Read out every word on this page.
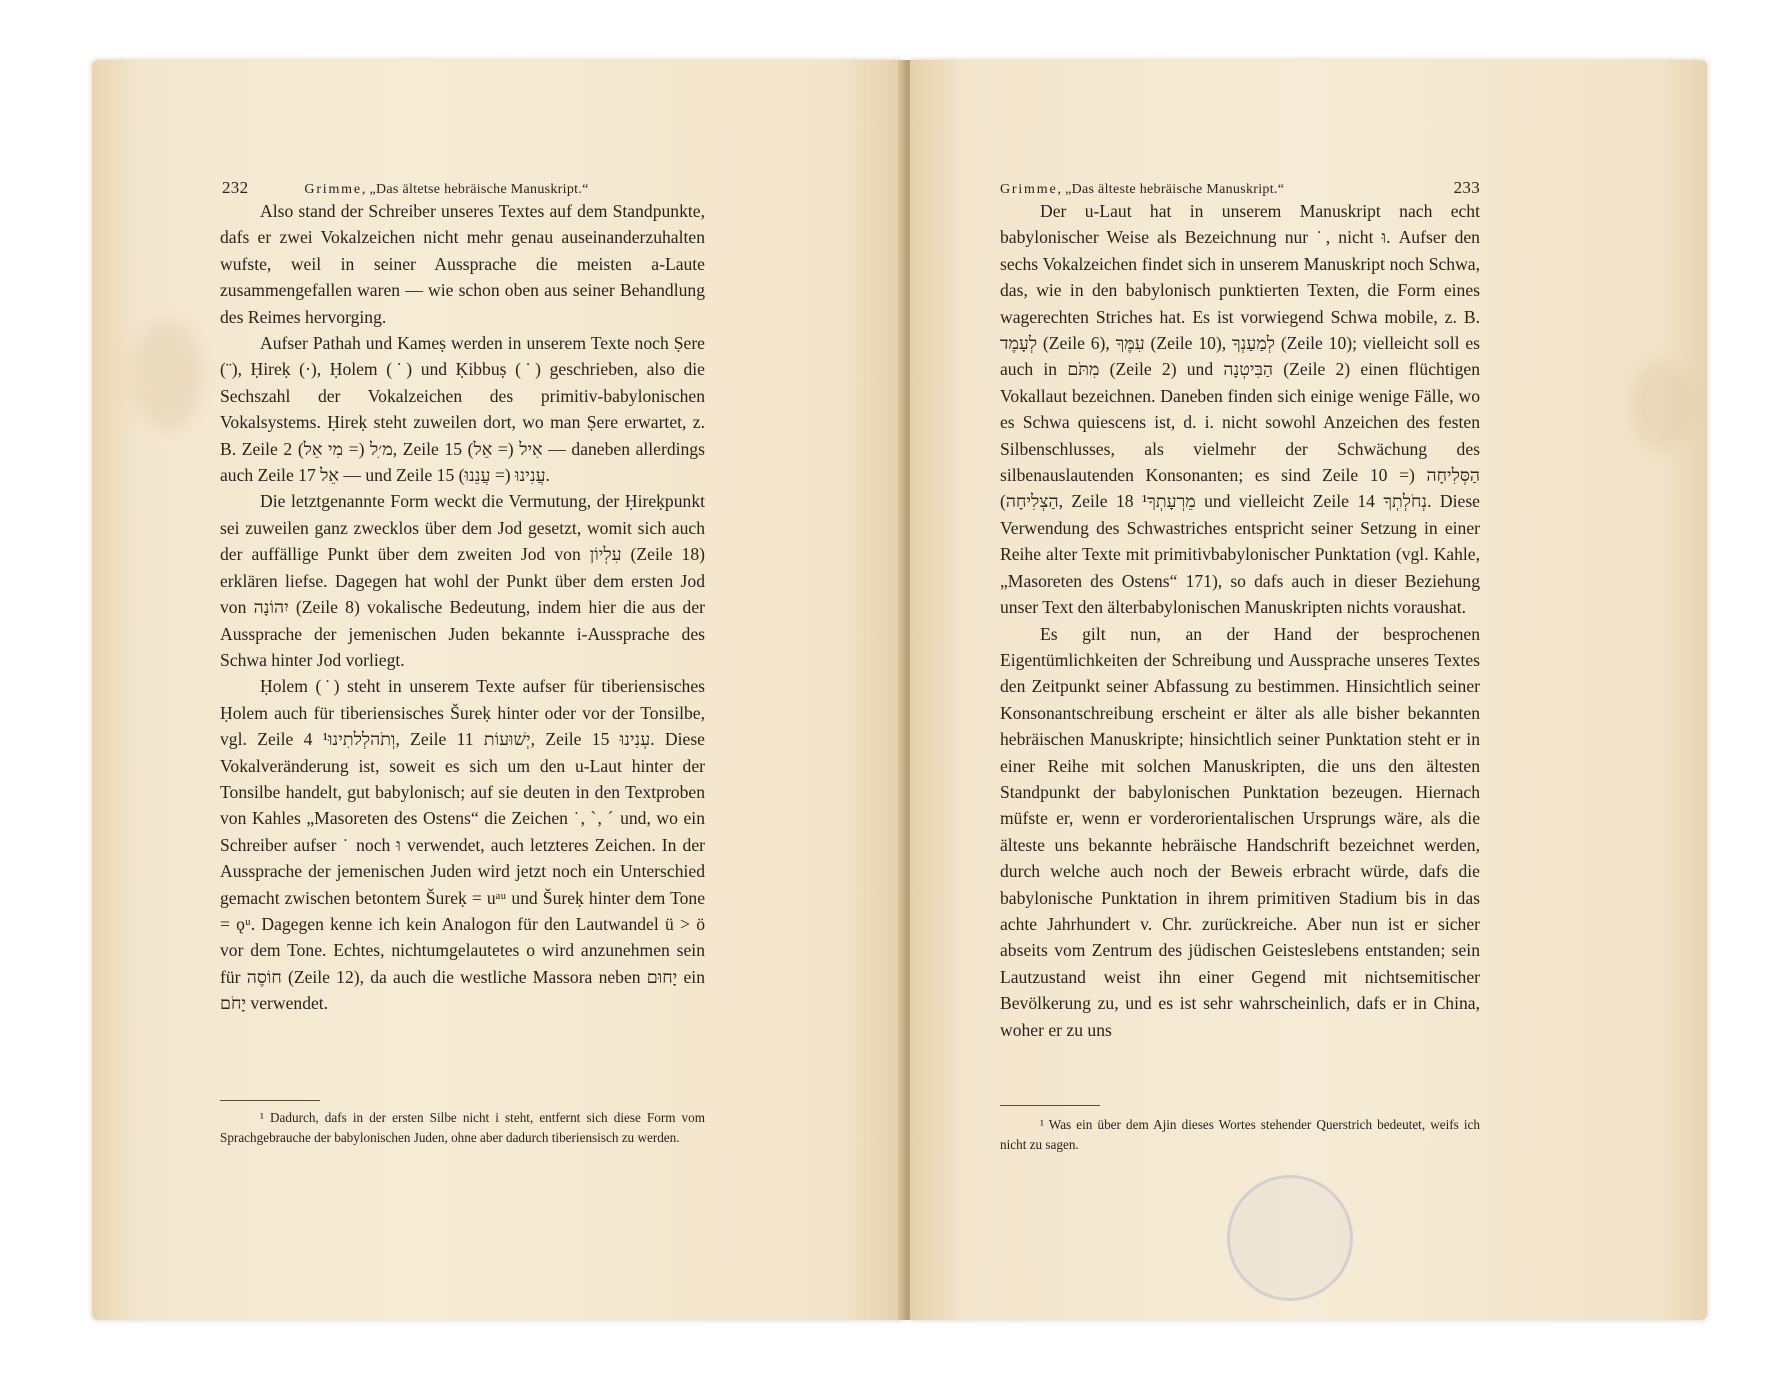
232	Grimme, „Das ältetse hebräische Manuskript.“

Also stand der Schreiber unseres Textes auf dem Standpunkte, dafs er zwei Vokalzeichen nicht mehr genau auseinanderzuhalten wufste, weil in seiner Aussprache die meisten a-Laute zusammengefallen waren — wie schon oben aus seiner Behandlung des Reimes hervorging.

Aufser Pathah und Kameṣ werden in unserem Texte noch Ṣere (¨), Ḥireḳ (·), Ḥolem (˙) und Ḳibbuṣ (˙) geschrieben, also die Sechszahl der Vokalzeichen des primitiv-babylonischen Vokalsystems. Ḥireḳ steht zuweilen dort, wo man Ṣere erwartet, z. B. Zeile 2 מ׳ִל (= מִי אֵל), Zeile 15 אִיל (= אֵל) — daneben allerdings auch Zeile 17 אֵל — und Zeile 15 עֲנִינוּ (= עֲנֵנוּ).

Die letztgenannte Form weckt die Vermutung, der Ḥireḳpunkt sei zuweilen ganz zwecklos über dem Jod gesetzt, womit sich auch der auffällige Punkt über dem zweiten Jod von עִלְיוֹן (Zeile 18) erklären liefse. Dagegen hat wohl der Punkt über dem ersten Jod von יִהוֹנָה (Zeile 8) vokalische Bedeutung, indem hier die aus der Aussprache der jemenischen Juden bekannte i-Aussprache des Schwa hinter Jod vorliegt.

Ḥolem (˙) steht in unserem Texte aufser für tiberiensisches Ḥolem auch für tiberiensisches Šureḳ hinter oder vor der Tonsilbe, vgl. Zeile 4 וְתֹהלְלתִינוּ¹, Zeile 11 יְשׁוּעוֹת, Zeile 15 עְנִינוּ. Diese Vokalveränderung ist, soweit es sich um den u-Laut hinter der Tonsilbe handelt, gut babylonisch; auf sie deuten in den Textproben von Kahles „Masoreten des Ostens“ die Zeichen ˙, ˋ, ˊ und, wo ein Schreiber aufser ˙ noch וּ verwendet, auch letzteres Zeichen. In der Aussprache der jemenischen Juden wird jetzt noch ein Unterschied gemacht zwischen betontem Šureḳ = uᵃᵘ und Šureḳ hinter dem Tone = ǫᵘ. Dagegen kenne ich kein Analogon für den Lautwandel ü > ö vor dem Tone. Echtes, nichtumgelautetes o wird anzunehmen sein für חוֹסֶה (Zeile 12), da auch die westliche Massora neben יָחוּם ein יָחֹם verwendet.

¹ Dadurch, dafs in der ersten Silbe nicht i steht, entfernt sich diese Form vom Sprachgebrauche der babylonischen Juden, ohne aber dadurch tiberiensisch zu werden.

Grimme, „Das älteste hebräische Manuskript.“	233

Der u-Laut hat in unserem Manuskript nach echt babylonischer Weise als Bezeichnung nur ˙, nicht וּ. Aufser den sechs Vokalzeichen findet sich in unserem Manuskript noch Schwa, das, wie in den babylonisch punktierten Texten, die Form eines wagerechten Striches hat. Es ist vorwiegend Schwa mobile, z. B. לְעָמֶד (Zeile 6), עִמֶּךָ (Zeile 10), לְמַעַנְךָ (Zeile 10); vielleicht soll es auch in מִתֹּם (Zeile 2) und הַבִּיטְנָה (Zeile 2) einen flüchtigen Vokallaut bezeichnen. Daneben finden sich einige wenige Fälle, wo es Schwa quiescens ist, d. i. nicht sowohl Anzeichen des festen Silbenschlusses, als vielmehr der Schwächung des silbenauslautenden Konsonanten; es sind Zeile 10 הַסְּלִיחָה (= הַצְלִיחָה), Zeile 18 מֵרְעָתְךָ¹ und vielleicht Zeile 14 נְחֹלְתְךָ. Diese Verwendung des Schwastriches entspricht seiner Setzung in einer Reihe alter Texte mit primitivbabylonischer Punktation (vgl. Kahle, „Masoreten des Ostens“ 171), so dafs auch in dieser Beziehung unser Text den älterbabylonischen Manuskripten nichts voraushat.

Es gilt nun, an der Hand der besprochenen Eigentümlichkeiten der Schreibung und Aussprache unseres Textes den Zeitpunkt seiner Abfassung zu bestimmen. Hinsichtlich seiner Konsonantschreibung erscheint er älter als alle bisher bekannten hebräischen Manuskripte; hinsichtlich seiner Punktation steht er in einer Reihe mit solchen Manuskripten, die uns den ältesten Standpunkt der babylonischen Punktation bezeugen. Hiernach müfste er, wenn er vorderorientalischen Ursprungs wäre, als die älteste uns bekannte hebräische Handschrift bezeichnet werden, durch welche auch noch der Beweis erbracht würde, dafs die babylonische Punktation in ihrem primitiven Stadium bis in das achte Jahrhundert v. Chr. zurückreiche. Aber nun ist er sicher abseits vom Zentrum des jüdischen Geisteslebens entstanden; sein Lautzustand weist ihn einer Gegend mit nichtsemitischer Bevölkerung zu, und es ist sehr wahrscheinlich, dafs er in China, woher er zu uns

¹ Was ein über dem Ajin dieses Wortes stehender Querstrich bedeutet, weifs ich nicht zu sagen.
